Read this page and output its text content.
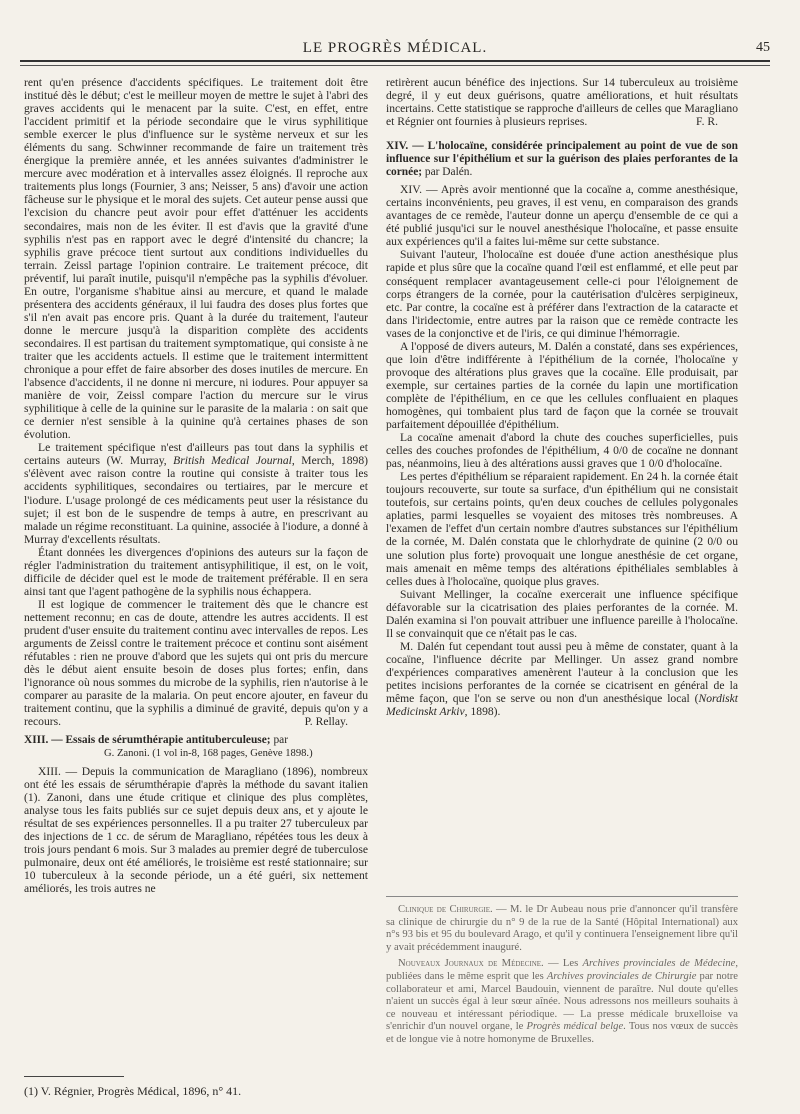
LE PROGRÈS MÉDICAL.	45

rent qu'en présence d'accidents spécifiques. Le traitement doit être institué dès le début; c'est le meilleur moyen de mettre le sujet à l'abri des graves accidents qui le menacent par la suite. C'est, en effet, entre l'accident primitif et la période secondaire que le virus syphilitique semble exercer le plus d'influence sur le système nerveux et sur les éléments du sang. Schwinner recommande de faire un traitement très énergique la première année, et les années suivantes d'administrer le mercure avec modération et à intervalles assez éloignés. Il reproche aux traitements plus longs (Fournier, 3 ans; Neisser, 5 ans) d'avoir une action fâcheuse sur le physique et le moral des sujets. Cet auteur pense aussi que l'excision du chancre peut avoir pour effet d'atténuer les accidents secondaires, mais non de les éviter. Il est d'avis que la gravité d'une syphilis n'est pas en rapport avec le degré d'intensité du chancre; la syphilis grave précoce tient surtout aux conditions individuelles du terrain. Zeissl partage l'opinion contraire. Le traitement précoce, dit préventif, lui paraît inutile, puisqu'il n'empêche pas la syphilis d'évoluer. En outre, l'organisme s'habitue ainsi au mercure, et quand le malade présentera des accidents généraux, il lui faudra des doses plus fortes que s'il n'en avait pas encore pris. Quant à la durée du traitement, l'auteur donne le mercure jusqu'à la disparition complète des accidents secondaires. Il est partisan du traitement symptomatique, qui consiste à ne traiter que les accidents actuels. Il estime que le traitement intermittent chronique a pour effet de faire absorber des doses inutiles de mercure. En l'absence d'accidents, il ne donne ni mercure, ni iodures. Pour appuyer sa manière de voir, Zeissl compare l'action du mercure sur le virus syphilitique à celle de la quinine sur le parasite de la malaria : on sait que ce dernier n'est sensible à la quinine qu'à certaines phases de son évolution.

Le traitement spécifique n'est d'ailleurs pas tout dans la syphilis et certains auteurs (W. Murray, British Medical Journal, Merch, 1898) s'élèvent avec raison contre la routine qui consiste à traiter tous les accidents syphilitiques, secondaires ou tertiaires, par le mercure et l'iodure. L'usage prolongé de ces médicaments peut user la résistance du sujet; il est bon de le suspendre de temps à autre, en prescrivant au malade un régime reconstituant. La quinine, associée à l'iodure, a donné à Murray d'excellents résultats.

Étant données les divergences d'opinions des auteurs sur la façon de régler l'administration du traitement antisyphilitique, il est, on le voit, difficile de décider quel est le mode de traitement préférable. Il en sera ainsi tant que l'agent pathogène de la syphilis nous échappera.

Il est logique de commencer le traitement dès que le chancre est nettement reconnu; en cas de doute, attendre les autres accidents. Il est prudent d'user ensuite du traitement continu avec intervalles de repos. Les arguments de Zeissl contre le traitement précoce et continu sont aisément réfutables : rien ne prouve d'abord que les sujets qui ont pris du mercure dès le début aient ensuite besoin de doses plus fortes; enfin, dans l'ignorance où nous sommes du microbe de la syphilis, rien n'autorise à le comparer au parasite de la malaria. On peut encore ajouter, en faveur du traitement continu, que la syphilis a diminué de gravité, depuis qu'on y a recours.	P. Rellay.

XIII. — Essais de sérumthérapie antituberculeuse; par
G. Zanoni. (1 vol in-8, 168 pages, Genève 1898.)

XIII. — Depuis la communication de Maragliano (1896), nombreux ont été les essais de sérumthérapie d'après la méthode du savant italien (1). Zanoni, dans une étude critique et clinique des plus complètes, analyse tous les faits publiés sur ce sujet depuis deux ans, et y ajoute le résultat de ses expériences personnelles. Il a pu traiter 27 tuberculeux par des injections de 1 cc. de sérum de Maragliano, répétées tous les deux à trois jours pendant 6 mois. Sur 3 malades au premier degré de tuberculose pulmonaire, deux ont été améliorés, le troisième est resté stationnaire; sur 10 tuberculeux à la seconde période, un a été guéri, six nettement améliorés, les trois autres ne

retirèrent aucun bénéfice des injections. Sur 14 tuberculeux au troisième degré, il y eut deux guérisons, quatre améliorations, et huit résultats incertains. Cette statistique se rapproche d'ailleurs de celles que Maragliano et Régnier ont fournies à plusieurs reprises.	F. R.

XIV. — L'holocaïne, considérée principalement au point de vue de son influence sur l'épithélium et sur la guérison des plaies perforantes de la cornée; par Dalén.

XIV. — Après avoir mentionné que la cocaïne a, comme anesthésique, certains inconvénients, peu graves, il est venu, en comparaison des grands avantages de ce remède, l'auteur donne un aperçu d'ensemble de ce qui a été publié jusqu'ici sur le nouvel anesthésique l'holocaïne, et passe ensuite aux expériences qu'il a faites lui-même sur cette substance.

Suivant l'auteur, l'holocaïne est douée d'une action anesthésique plus rapide et plus sûre que la cocaïne quand l'œil est enflammé, et elle peut par conséquent remplacer avantageusement celle-ci pour l'éloignement de corps étrangers de la cornée, pour la cautérisation d'ulcères serpigineux, etc. Par contre, la cocaïne est à préférer dans l'extraction de la cataracte et dans l'iridectomie, entre autres par la raison que ce remède contracte les vases de la conjonctive et de l'iris, ce qui diminue l'hémorragie.

A l'opposé de divers auteurs, M. Dalén a constaté, dans ses expériences, que loin d'être indifférente à l'épithélium de la cornée, l'holocaïne y provoque des altérations plus graves que la cocaïne. Elle produisait, par exemple, sur certaines parties de la cornée du lapin une mortification complète de l'épithélium, en ce que les cellules confluaient en plaques homogènes, qui tombaient plus tard de façon que la cornée se trouvait parfaitement dépouillée d'épithélium.

La cocaïne amenait d'abord la chute des couches superficielles, puis celles des couches profondes de l'épithélium, 4 0/0 de cocaïne ne donnant pas, néanmoins, lieu à des altérations aussi graves que 1 0/0 d'holocaïne.

Les pertes d'épithélium se réparaient rapidement. En 24 h. la cornée était toujours recouverte, sur toute sa surface, d'un épithélium qui ne consistait toutefois, sur certains points, qu'en deux couches de cellules polygonales aplaties, parmi lesquelles se voyaient des mitoses très nombreuses. A l'examen de l'effet d'un certain nombre d'autres substances sur l'épithélium de la cornée, M. Dalén constata que le chlorhydrate de quinine (2 0/0 ou une solution plus forte) provoquait une longue anesthésie de cet organe, mais amenait en même temps des altérations épithéliales semblables à celles dues à l'holocaïne, quoique plus graves.

Suivant Mellinger, la cocaïne exercerait une influence spécifique défavorable sur la cicatrisation des plaies perforantes de la cornée. M. Dalén examina si l'on pouvait attribuer une influence pareille à l'holocaïne. Il se convainquit que ce n'était pas le cas.

M. Dalén fut cependant tout aussi peu à même de constater, quant à la cocaïne, l'influence décrite par Mellinger. Un assez grand nombre d'expériences comparatives amenèrent l'auteur à la conclusion que les petites incisions perforantes de la cornée se cicatrisent en général de la même façon, que l'on se serve ou non d'un anesthésique local (Nordiskt Medicinskt Arkiv, 1898).

Clinique de Chirurgie. — M. le Dr Aubeau nous prie d'annoncer qu'il transfère sa clinique de chirurgie du n° 9 de la rue de la Santé (Hôpital International) aux n°s 93 bis et 95 du boulevard Arago, et qu'il y continuera l'enseignement libre qu'il y avait précédemment inauguré.

Nouveaux Journaux de Médecine. — Les Archives provinciales de Médecine, publiées dans le même esprit que les Archives provinciales de Chirurgie par notre collaborateur et ami, Marcel Baudouin, viennent de paraître. Nul doute qu'elles n'aient un succès égal à leur sœur aînée. Nous adressons nos meilleurs souhaits à ce nouveau et intéressant périodique. — La presse médicale bruxelloise va s'enrichir d'un nouvel organe, le Progrès médical belge. Tous nos vœux de succès et de longue vie à notre homonyme de Bruxelles.

(1) V. Régnier, Progrès Médical, 1896, n° 41.
